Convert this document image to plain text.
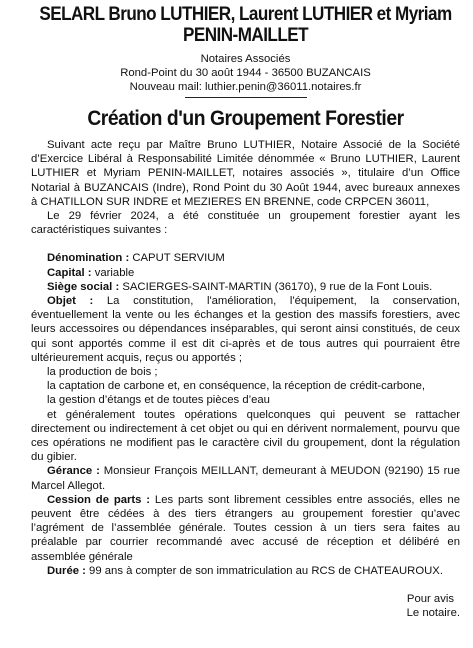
SELARL Bruno LUTHIER, Laurent LUTHIER et Myriam
PENIN-MAILLET
Notaires Associés
Rond-Point du 30 août 1944 - 36500 BUZANCAIS
Nouveau mail: luthier.penin@36011.notaires.fr
Création d'un Groupement Forestier

Suivant acte reçu par Maître Bruno LUTHIER, Notaire Associé de la Société d’Exercice Libéral à Responsabilité Limitée dénommée « Bruno LUTHIER, Laurent LUTHIER et Myriam PENIN-MAILLET, notaires associés », titulaire d’un Office Notarial à BUZANCAIS (Indre), Rond Point du 30 Août 1944, avec bureaux annexes à CHATILLON SUR INDRE et MEZIERES EN BRENNE, code CRPCEN 36011,

Le 29 février 2024, a été constituée un groupement forestier ayant les caractéristiques suivantes :

Dénomination : CAPUT SERVIUM

Capital : variable

Siège social : SACIERGES-SAINT-MARTIN (36170), 9 rue de la Font Louis.

Objet : La constitution, l'amélioration, l'équipement, la conservation, éventuellement la vente ou les échanges et la gestion des massifs forestiers, avec leurs accessoires ou dépendances inséparables, qui seront ainsi constitués, de ceux qui sont apportés comme il est dit ci-après et de tous autres qui pourraient être ultérieurement acquis, reçus ou apportés ;

la production de bois ;

la captation de carbone et, en conséquence, la réception de crédit-carbone,

la gestion d’étangs et de toutes pièces d’eau

et généralement toutes opérations quelconques qui peuvent se rattacher directement ou indirectement à cet objet ou qui en dérivent normalement, pourvu que ces opérations ne modifient pas le caractère civil du groupement, dont la régulation du gibier.

Gérance : Monsieur François MEILLANT, demeurant à MEUDON (92190) 15 rue Marcel Allegot.

Cession de parts : Les parts sont librement cessibles entre associés, elles ne peuvent être cédées à des tiers étrangers au groupement forestier qu’avec l’agrément de l’assemblée générale. Toutes cession à un tiers sera faites au préalable par courrier recommandé avec accusé de réception et délibéré en assemblée générale

Durée : 99 ans à compter de son immatriculation au RCS de CHATEAUROUX.

Pour avis
Le notaire.
